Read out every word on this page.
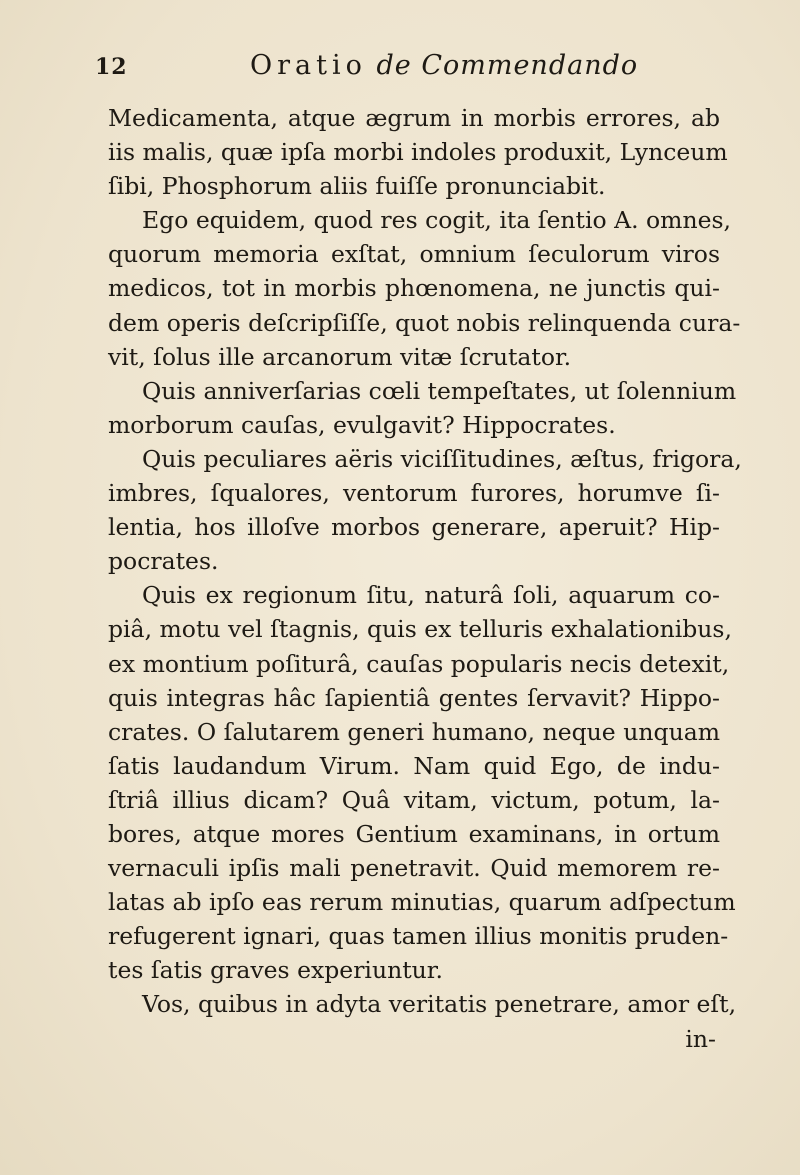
12	Oratio de Commendando
Medicamenta, atque ægrum in morbis errores, ab
iis malis, quæ ipſa morbi indoles produxit, Lynceum
ſibi, Phosphorum aliis fuiſſe pronunciabit.
Ego equidem, quod res cogit, ita ſentio A. omnes,
quorum memoria exſtat, omnium ſeculorum viros
medicos, tot in morbis phœnomena, ne junctis qui-
dem operis deſcripſiſſe, quot nobis relinquenda cura-
vit, ſolus ille arcanorum vitæ ſcrutator.
Quis anniverſarias cœli tempeſtates, ut ſolennium
morborum cauſas, evulgavit? Hippocrates.
Quis peculiares aëris viciſſitudines, æſtus, frigora,
imbres, ſqualores, ventorum furores, horumve ſi-
lentia, hos illoſve morbos generare, aperuit? Hip-
pocrates.
Quis ex regionum ſitu, naturâ ſoli, aquarum co-
piâ, motu vel ſtagnis, quis ex telluris exhalationibus,
ex montium poſiturâ, cauſas popularis necis detexit,
quis integras hâc ſapientiâ gentes ſervavit? Hippo-
crates. O ſalutarem generi humano, neque unquam
ſatis laudandum Virum. Nam quid Ego, de indu-
ſtriâ illius dicam? Quâ vitam, victum, potum, la-
bores, atque mores Gentium examinans, in ortum
vernaculi ipſis mali penetravit. Quid memorem re-
latas ab ipſo eas rerum minutias, quarum adſpectum
refugerent ignari, quas tamen illius monitis pruden-
tes ſatis graves experiuntur.
Vos, quibus in adyta veritatis penetrare, amor eſt,
in-
